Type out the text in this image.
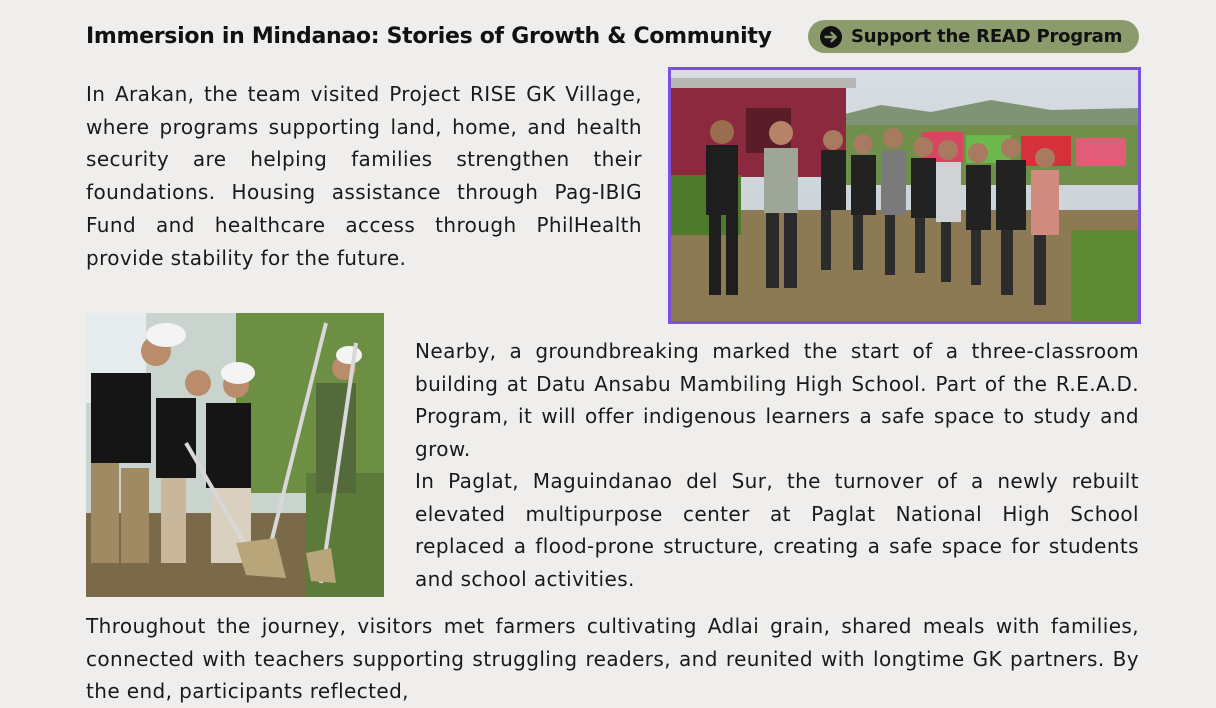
Immersion in Mindanao: Stories of Growth & Community	Support the READ Program

In Arakan, the team visited Project RISE GK Village, where programs supporting land, home, and health security are helping families strengthen their foundations. Housing assistance through Pag-IBIG Fund and healthcare access through PhilHealth provide stability for the future.

Nearby, a groundbreaking marked the start of a three-classroom building at Datu Ansabu Mambiling High School. Part of the R.E.A.D. Program, it will offer indigenous learners a safe space to study and grow.

In Paglat, Maguindanao del Sur, the turnover of a newly rebuilt elevated multipurpose center at Paglat National High School replaced a flood-prone structure, creating a safe space for students and school activities.

Throughout the journey, visitors met farmers cultivating Adlai grain, shared meals with families, connected with teachers supporting struggling readers, and reunited with longtime GK partners. By the end, participants reflected,
